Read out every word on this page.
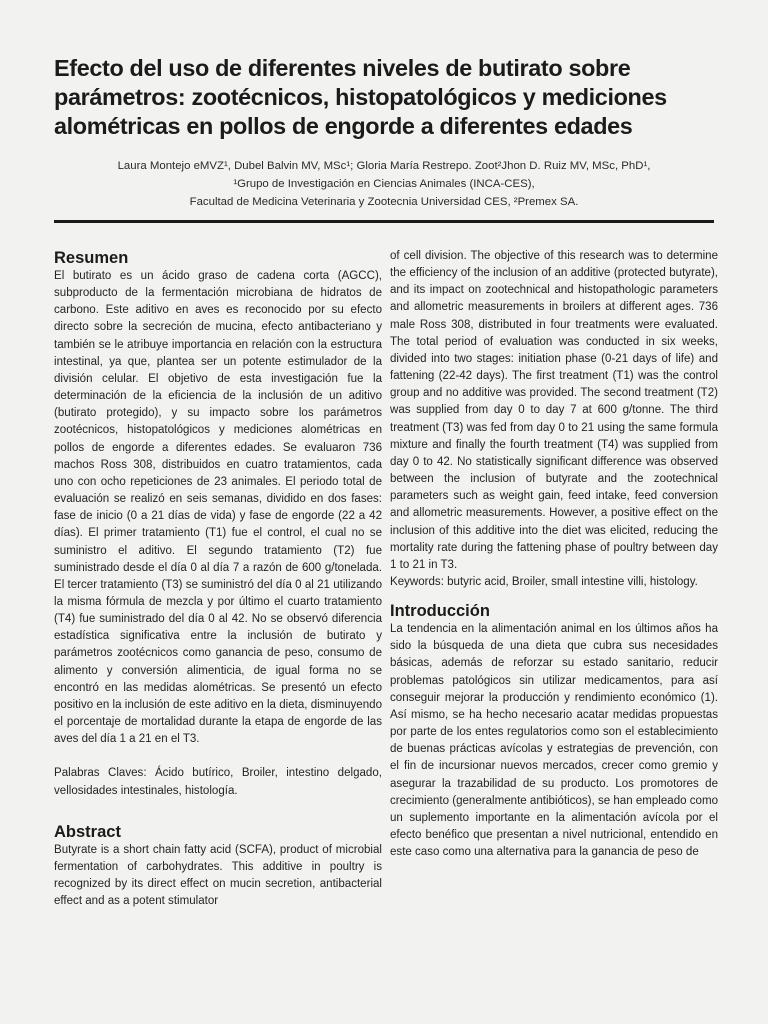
Efecto del uso de diferentes niveles de butirato sobre parámetros: zootécnicos, histopatológicos y mediciones alométricas en pollos de engorde a diferentes edades
Laura Montejo eMVZ¹, Dubel Balvin MV, MSc¹; Gloria María Restrepo. Zoot²Jhon D. Ruiz MV, MSc, PhD¹,
¹Grupo de Investigación en Ciencias Animales (INCA-CES),
Facultad de Medicina Veterinaria y Zootecnia Universidad CES, ²Premex SA.
Resumen

El butirato es un ácido graso de cadena corta (AGCC), subproducto de la fermentación microbiana de hidratos de carbono. Este aditivo en aves es reconocido por su efecto directo sobre la secreción de mucina, efecto antibacteriano y también se le atribuye importancia en relación con la estructura intestinal, ya que, plantea ser un potente estimulador de la división celular. El objetivo de esta investigación fue la determinación de la eficiencia de la inclusión de un aditivo (butirato protegido), y su impacto sobre los parámetros zootécnicos, histopatológicos y mediciones alométricas en pollos de engorde a diferentes edades. Se evaluaron 736 machos Ross 308, distribuidos en cuatro tratamientos, cada uno con ocho repeticiones de 23 animales. El periodo total de evaluación se realizó en seis semanas, dividido en dos fases: fase de inicio (0 a 21 días de vida) y fase de engorde (22 a 42 días). El primer tratamiento (T1) fue el control, el cual no se suministro el aditivo. El segundo tratamiento (T2) fue suministrado desde el día 0 al día 7 a razón de 600 g/tonelada. El tercer tratamiento (T3) se suministró del día 0 al 21 utilizando la misma fórmula de mezcla y por último el cuarto tratamiento (T4) fue suministrado del día 0 al 42. No se observó diferencia estadística significativa entre la inclusión de butirato y parámetros zootécnicos como ganancia de peso, consumo de alimento y conversión alimenticia, de igual forma no se encontró en las medidas alométricas. Se presentó un efecto positivo en la inclusión de este aditivo en la dieta, disminuyendo el porcentaje de mortalidad durante la etapa de engorde de las aves del día 1 a 21 en el T3.

Palabras Claves: Ácido butírico, Broiler, intestino delgado, vellosidades intestinales, histología.

Abstract

Butyrate is a short chain fatty acid (SCFA), product of microbial fermentation of carbohydrates. This additive in poultry is recognized by its direct effect on mucin secretion, antibacterial effect and as a potent stimulator

of cell division. The objective of this research was to determine the efficiency of the inclusion of an additive (protected butyrate), and its impact on zootechnical and histopathologic parameters and allometric measurements in broilers at different ages. 736 male Ross 308, distributed in four treatments were evaluated. The total period of evaluation was conducted in six weeks, divided into two stages: initiation phase (0-21 days of life) and fattening (22-42 days). The first treatment (T1) was the control group and no additive was provided. The second treatment (T2) was supplied from day 0 to day 7 at 600 g/tonne. The third treatment (T3) was fed from day 0 to 21 using the same formula mixture and finally the fourth treatment (T4) was supplied from day 0 to 42. No statistically significant difference was observed between the inclusion of butyrate and the zootechnical parameters such as weight gain, feed intake, feed conversion and allometric measurements. However, a positive effect on the inclusion of this additive into the diet was elicited, reducing the mortality rate during the fattening phase of poultry between day 1 to 21 in T3.

Keywords: butyric acid, Broiler, small intestine villi, histology.

Introducción

La tendencia en la alimentación animal en los últimos años ha sido la búsqueda de una dieta que cubra sus necesidades básicas, además de reforzar su estado sanitario, reducir problemas patológicos sin utilizar medicamentos, para así conseguir mejorar la producción y rendimiento económico (1). Así mismo, se ha hecho necesario acatar medidas propuestas por parte de los entes regulatorios como son el establecimiento de buenas prácticas avícolas y estrategias de prevención, con el fin de incursionar nuevos mercados, crecer como gremio y asegurar la trazabilidad de su producto. Los promotores de crecimiento (generalmente antibióticos), se han empleado como un suplemento importante en la alimentación avícola por el efecto benéfico que presentan a nivel nutricional, entendido en este caso como una alternativa para la ganancia de peso de
